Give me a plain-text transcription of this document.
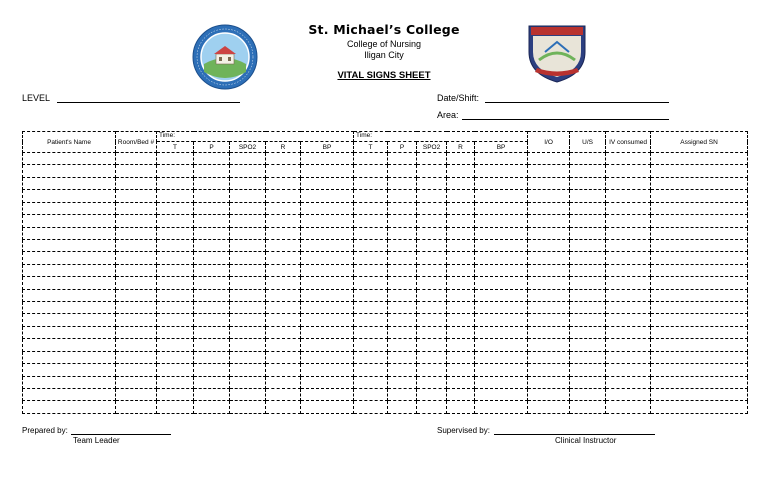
St. Michael’s College
College of Nursing
Iligan City
VITAL SIGNS SHEET
LEVEL	Date/Shift:
Area:
Patient's Name	Room/Bed #	Time:					Time:					I/O	U/S	IV consumed	Assigned SN
		T	P	SPO2	R	BP	T	P	SPO2	R	BP				

Prepared by:
Team Leader
Supervised by:
Clinical Instructor
